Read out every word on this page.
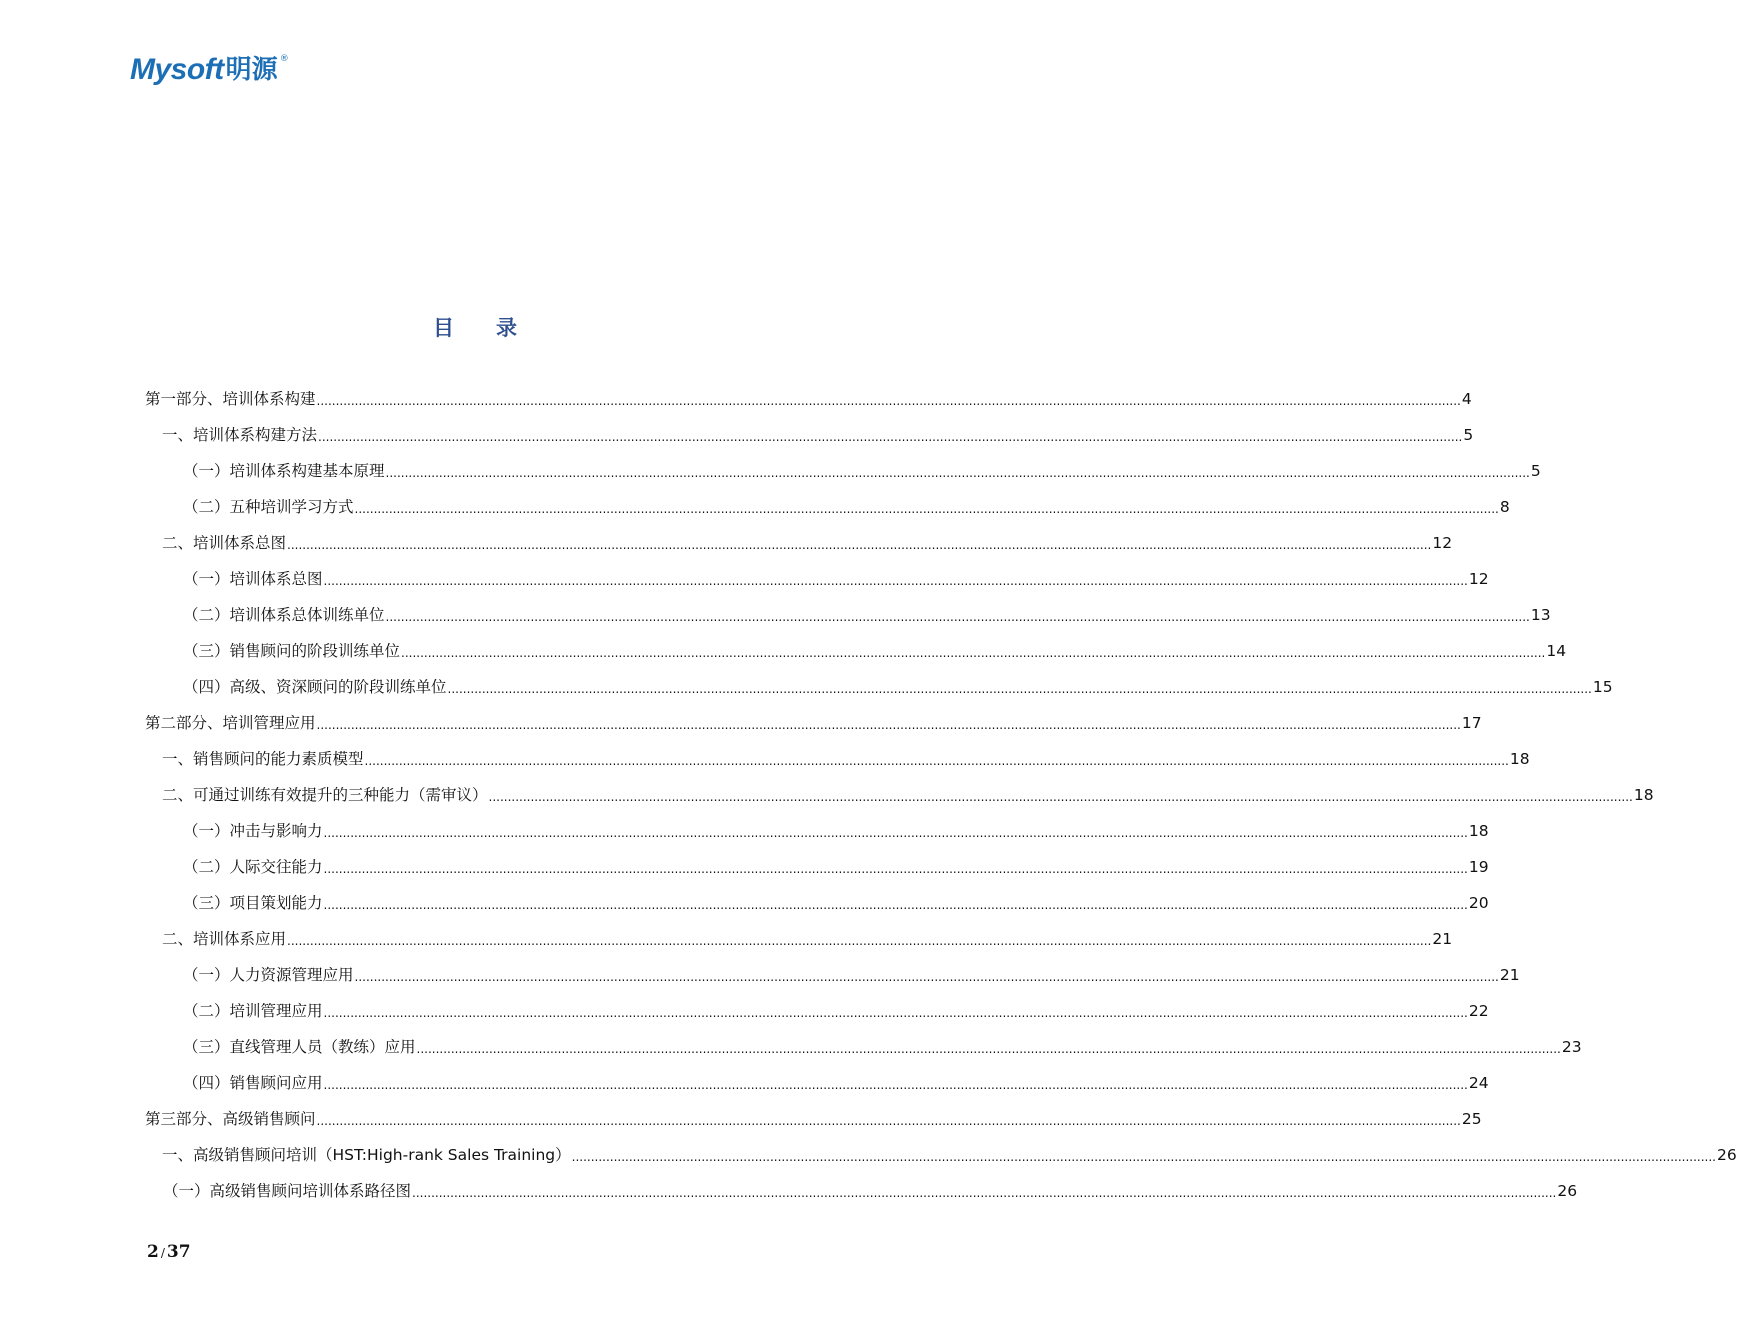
Mysoft 明源 ®
目录
第一部分、培训体系构建 ............................................................................................................................................................................................................................................................................................................ 4
一、培训体系构建方法 ............................................................................................................................................................................................................................................................................................................ 5
（一）培训体系构建基本原理 ............................................................................................................................................................................................................................................................................................................ 5
（二）五种培训学习方式 ............................................................................................................................................................................................................................................................................................................ 8
二、培训体系总图 ............................................................................................................................................................................................................................................................................................................ 12
（一）培训体系总图 ............................................................................................................................................................................................................................................................................................................ 12
（二）培训体系总体训练单位 ............................................................................................................................................................................................................................................................................................................ 13
（三）销售顾问的阶段训练单位 ............................................................................................................................................................................................................................................................................................................ 14
（四）高级、资深顾问的阶段训练单位 ............................................................................................................................................................................................................................................................................................................ 15
第二部分、培训管理应用 ............................................................................................................................................................................................................................................................................................................ 17
一、销售顾问的能力素质模型 ............................................................................................................................................................................................................................................................................................................ 18
二、可通过训练有效提升的三种能力（需审议） ............................................................................................................................................................................................................................................................................................................ 18
（一）冲击与影响力 ............................................................................................................................................................................................................................................................................................................ 18
（二）人际交往能力 ............................................................................................................................................................................................................................................................................................................ 19
（三）项目策划能力 ............................................................................................................................................................................................................................................................................................................ 20
二、培训体系应用 ............................................................................................................................................................................................................................................................................................................ 21
（一）人力资源管理应用 ............................................................................................................................................................................................................................................................................................................ 21
（二）培训管理应用 ............................................................................................................................................................................................................................................................................................................ 22
（三）直线管理人员（教练）应用 ............................................................................................................................................................................................................................................................................................................ 23
（四）销售顾问应用 ............................................................................................................................................................................................................................................................................................................ 24
第三部分、高级销售顾问 ............................................................................................................................................................................................................................................................................................................ 25
一、高级销售顾问培训（HST:High-rank Sales Training） ............................................................................................................................................................................................................................................................................................................ 26
（一）高级销售顾问培训体系路径图 ............................................................................................................................................................................................................................................................................................................ 26
2 / 37
